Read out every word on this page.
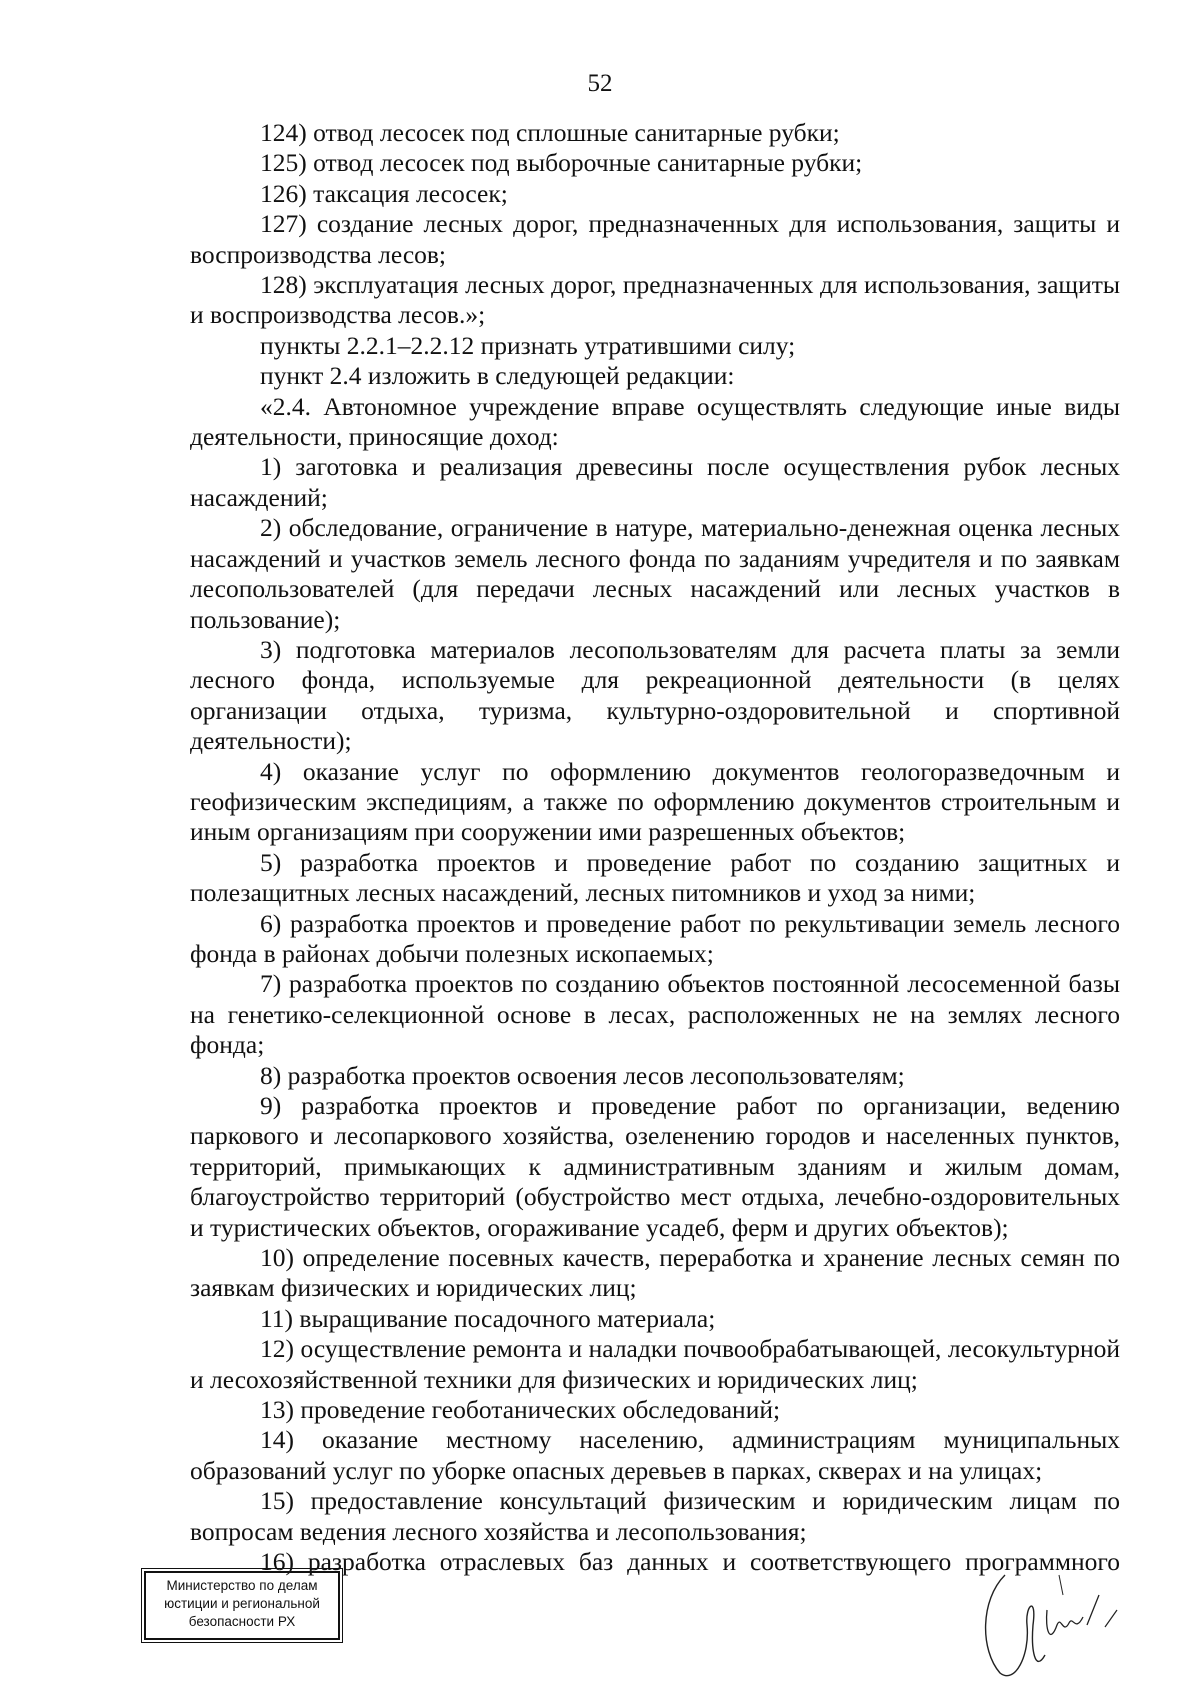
52

124) отвод лесосек под сплошные санитарные рубки;

125) отвод лесосек под выборочные санитарные рубки;

126) таксация лесосек;

127) создание лесных дорог, предназначенных для использования, защиты и воспроизводства лесов;

128) эксплуатация лесных дорог, предназначенных для использования, защиты и воспроизводства лесов.»;

пункты 2.2.1–2.2.12 признать утратившими силу;

пункт 2.4 изложить в следующей редакции:

«2.4. Автономное учреждение вправе осуществлять следующие иные виды деятельности, приносящие доход:

1) заготовка и реализация древесины после осуществления рубок лесных насаждений;

2) обследование, ограничение в натуре, материально-денежная оценка лесных насаждений и участков земель лесного фонда по заданиям учредителя и по заявкам лесопользователей (для передачи лесных насаждений или лесных участков в пользование);

3) подготовка материалов лесопользователям для расчета платы за земли лесного фонда, используемые для рекреационной деятельности (в целях организации отдыха, туризма, культурно-оздоровительной и спортивной деятельности);

4) оказание услуг по оформлению документов геологоразведочным и геофизическим экспедициям, а также по оформлению документов строительным и иным организациям при сооружении ими разрешенных объектов;

5) разработка проектов и проведение работ по созданию защитных и полезащитных лесных насаждений, лесных питомников и уход за ними;

6) разработка проектов и проведение работ по рекультивации земель лесного фонда в районах добычи полезных ископаемых;

7) разработка проектов по созданию объектов постоянной лесосеменной базы на генетико-селекционной основе в лесах, расположенных не на землях лесного фонда;

8) разработка проектов освоения лесов лесопользователям;

9) разработка проектов и проведение работ по организации, ведению паркового и лесопаркового хозяйства, озеленению городов и населенных пунктов, территорий, примыкающих к административным зданиям и жилым домам, благоустройство территорий (обустройство мест отдыха, лечебно-оздоровительных и туристических объектов, огораживание усадеб, ферм и других объектов);

10) определение посевных качеств, переработка и хранение лесных семян по заявкам физических и юридических лиц;

11) выращивание посадочного материала;

12) осуществление ремонта и наладки почвообрабатывающей, лесокультурной и лесохозяйственной техники для физических и юридических лиц;

13) проведение геоботанических обследований;

14) оказание местному населению, администрациям муниципальных образований услуг по уборке опасных деревьев в парках, скверах и на улицах;

15) предоставление консультаций физическим и юридическим лицам по вопросам ведения лесного хозяйства и лесопользования;

16) разработка отраслевых баз данных и соответствующего программного

Министерство по делам
юстиции и региональной
безопасности РХ
